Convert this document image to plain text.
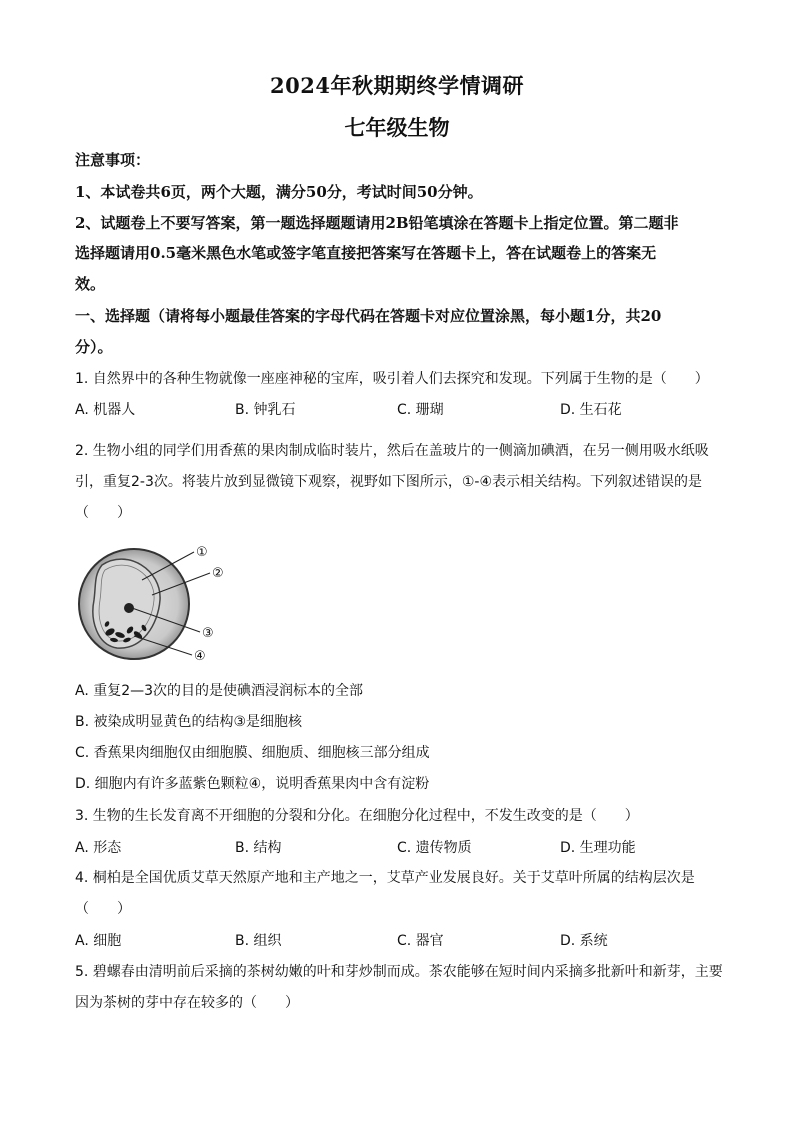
2024年秋期期终学情调研
七年级生物
注意事项：
1、本试卷共6页，两个大题，满分50分，考试时间50分钟。
2、试题卷上不要写答案，第一题选择题题请用2B铅笔填涂在答题卡上指定位置。第二题非
选择题请用0.5毫米黑色水笔或签字笔直接把答案写在答题卡上，答在试题卷上的答案无
效。
一、选择题（请将每小题最佳答案的字母代码在答题卡对应位置涂黑，每小题1分，共20
分）。
1. 自然界中的各种生物就像一座座神秘的宝库，吸引着人们去探究和发现。下列属于生物的是（　　）
A. 机器人	B. 钟乳石	C. 珊瑚	D. 生石花
2. 生物小组的同学们用香蕉的果肉制成临时装片，然后在盖玻片的一侧滴加碘酒，在另一侧用吸水纸吸
引，重复2-3次。将装片放到显微镜下观察，视野如下图所示，①-④表示相关结构。下列叙述错误的是
（　　）
①
②
③
④
A. 重复2—3次的目的是使碘酒浸润标本的全部
B. 被染成明显黄色的结构③是细胞核
C. 香蕉果肉细胞仅由细胞膜、细胞质、细胞核三部分组成
D. 细胞内有许多蓝紫色颗粒④，说明香蕉果肉中含有淀粉
3. 生物的生长发育离不开细胞的分裂和分化。在细胞分化过程中，不发生改变的是（　　）
A. 形态	B. 结构	C. 遗传物质	D. 生理功能
4. 桐柏是全国优质艾草天然原产地和主产地之一，艾草产业发展良好。关于艾草叶所属的结构层次是
（　　）
A. 细胞	B. 组织	C. 器官	D. 系统
5. 碧螺春由清明前后采摘的茶树幼嫩的叶和芽炒制而成。茶农能够在短时间内采摘多批新叶和新芽，主要
因为茶树的芽中存在较多的（　　）
